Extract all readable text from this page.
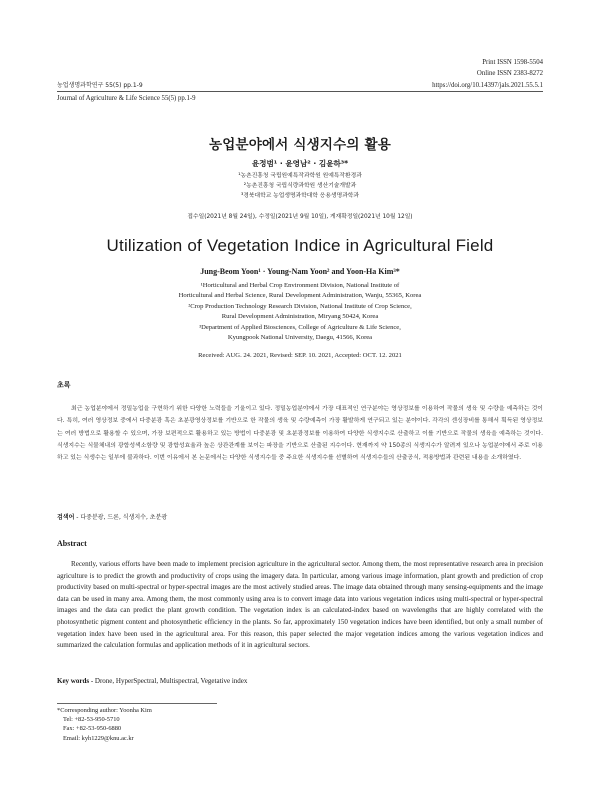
Print ISSN 1598-5504
Online ISSN 2383-8272
농업생명과학연구 55(5) pp.1-9	https://doi.org/10.14397/jals.2021.55.5.1
Journal of Agriculture & Life Science 55(5) pp.1-9
농업분야에서 식생지수의 활용
윤정범¹ · 윤영남² · 김윤하³*
¹농촌진흥청 국립원예특작과학원 원예특작환경과
²농촌진흥청 국립식량과학원 생산기술개발과
³경북대학교 농업생명과학대학 응용생명과학과
접수일(2021년 8월 24일), 수정일(2021년 9월 10일), 게재확정일(2021년 10월 12일)
Utilization of Vegetation Indice in Agricultural Field
Jung-Beom Yoon¹ · Young-Nam Yoon² and Yoon-Ha Kim³*
¹Horticultural and Herbal Crop Environment Division, National Institute of
Horticultural and Herbal Science, Rural Development Administration, Wanju, 55365, Korea
²Crop Production Technology Research Division, National Institute of Crop Science,
Rural Development Administration, Miryang 50424, Korea
³Department of Applied Biosciences, College of Agriculture & Life Science,
Kyungpook National University, Daegu, 41566, Korea
Received: AUG. 24. 2021, Revised: SEP. 10. 2021, Accepted: OCT. 12. 2021
초록

최근 농업분야에서 정밀농업을 구현하기 위한 다양한 노력들을 기울이고 있다. 정밀농업분야에서 가장 대표적인 연구분야는 영상정보를 이용하여 작물의 생육 및 수량을 예측하는 것이다. 특히, 여러 영상정보 중에서 다중분광 혹은 초분광영상정보를 기반으로 한 작물의 생육 및 수량예측이 가장 활발하게 연구되고 있는 분야이다. 각각의 센싱장비를 통해서 획득된 영상정보는 여러 방법으로 활용할 수 있으며, 가장 보편적으로 활용하고 있는 방법이 다중분광 및 초분광정보를 이용하여 다양한 식생지수로 산출하고 이를 기반으로 작물의 생육을 예측하는 것이다. 식생지수는 식물체내의 광합성색소함량 및 광합성효율과 높은 상관관계를 보이는 파장을 기반으로 산출된 지수이다. 현재까지 약 150종의 식생지수가 알려져 있으나 농업분야에서 주로 이용하고 있는 식생수는 일부에 불과하다. 이번 이유에서 본 논문에서는 다양한 식생지수들 중 주요한 식생지수를 선별하여 식생지수들의 산출공식, 적용방법과 관련된 내용을 소개하였다.

검색어 - 다중분광, 드론, 식생지수, 초분광
Abstract

Recently, various efforts have been made to implement precision agriculture in the agricultural sector. Among them, the most representative research area in precision agriculture is to predict the growth and productivity of crops using the imagery data. In particular, among various image information, plant growth and prediction of crop productivity based on multi-spectral or hyper-spectral images are the most actively studied areas. The image data obtained through many sensing-equipments and the image data can be used in many area. Among them, the most commonly using area is to convert image data into various vegetation indices using multi-spectral or hyper-spectral images and the data can predict the plant growth condition. The vegetation index is an calculated-index based on wavelengths that are highly correlated with the photosynthetic pigment content and photosynthetic efficiency in the plants. So far, approximately 150 vegetation indices have been identified, but only a small number of vegetation index have been used in the agricultural area. For this reason, this paper selected the major vegetation indices among the various vegetation indices and summarized the calculation formulas and application methods of it in agricultural sectors.

Key words - Drone, HyperSpectral, Multispectral, Vegetative index
*Corresponding author: Yoonha Kim
Tel: +82-53-950-5710
Fax: +82-53-950-6880
Email: kyh1229@knu.ac.kr
